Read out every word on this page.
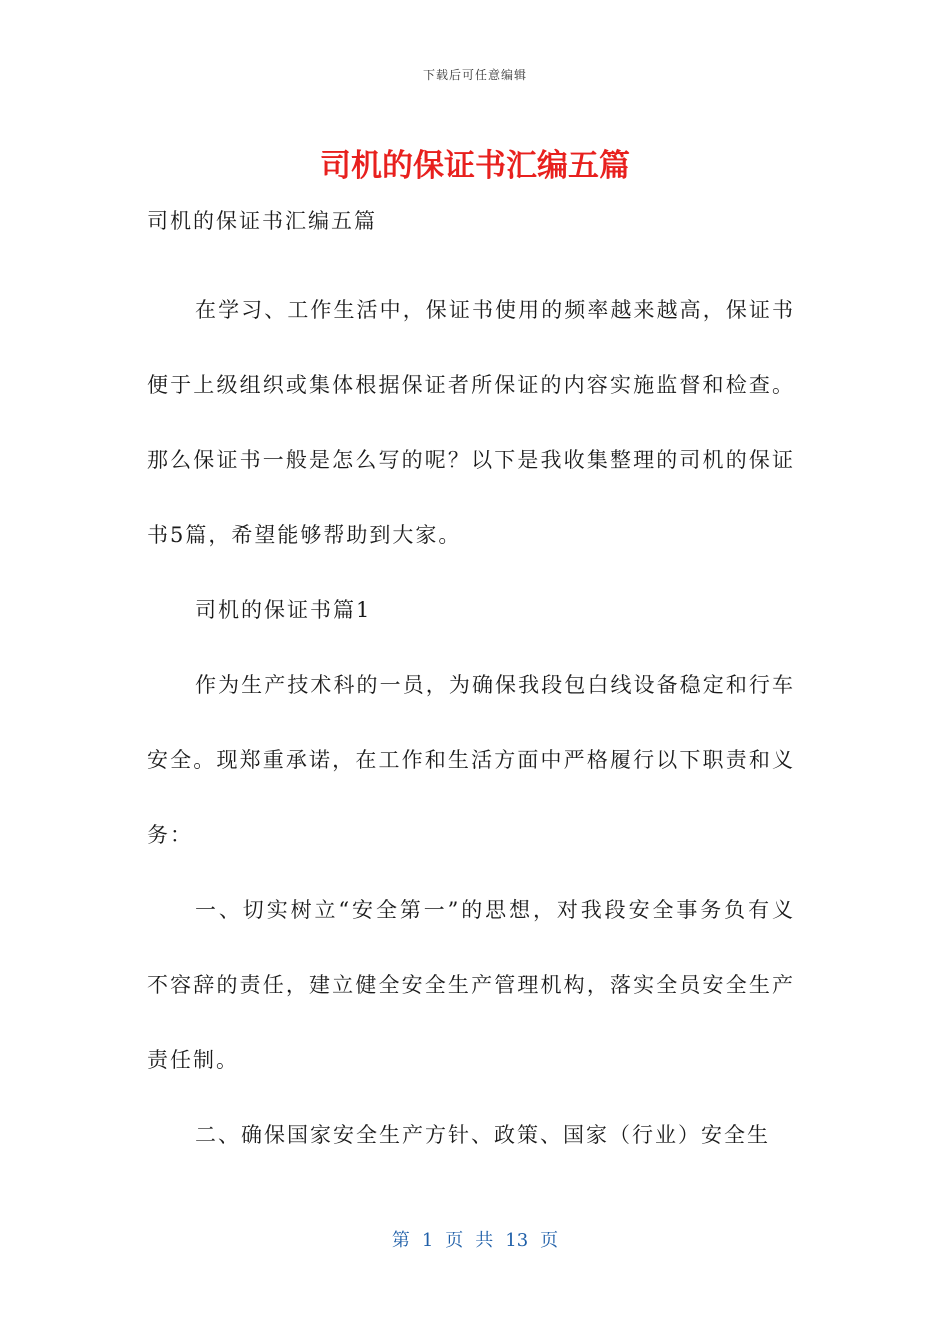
下载后可任意编辑
司机的保证书汇编五篇
司机的保证书汇编五篇

在学习、工作生活中，保证书使用的频率越来越高，保证书便于上级组织或集体根据保证者所保证的内容实施监督和检查。那么保证书一般是怎么写的呢？以下是我收集整理的司机的保证书5篇，希望能够帮助到大家。

司机的保证书篇1

作为生产技术科的一员，为确保我段包白线设备稳定和行车安全。现郑重承诺，在工作和生活方面中严格履行以下职责和义务：

一、切实树立“安全第一”的思想，对我段安全事务负有义不容辞的责任，建立健全安全生产管理机构，落实全员安全生产责任制。

二、确保国家安全生产方针、政策、国家（行业）安全生

第 1 页 共 13 页
